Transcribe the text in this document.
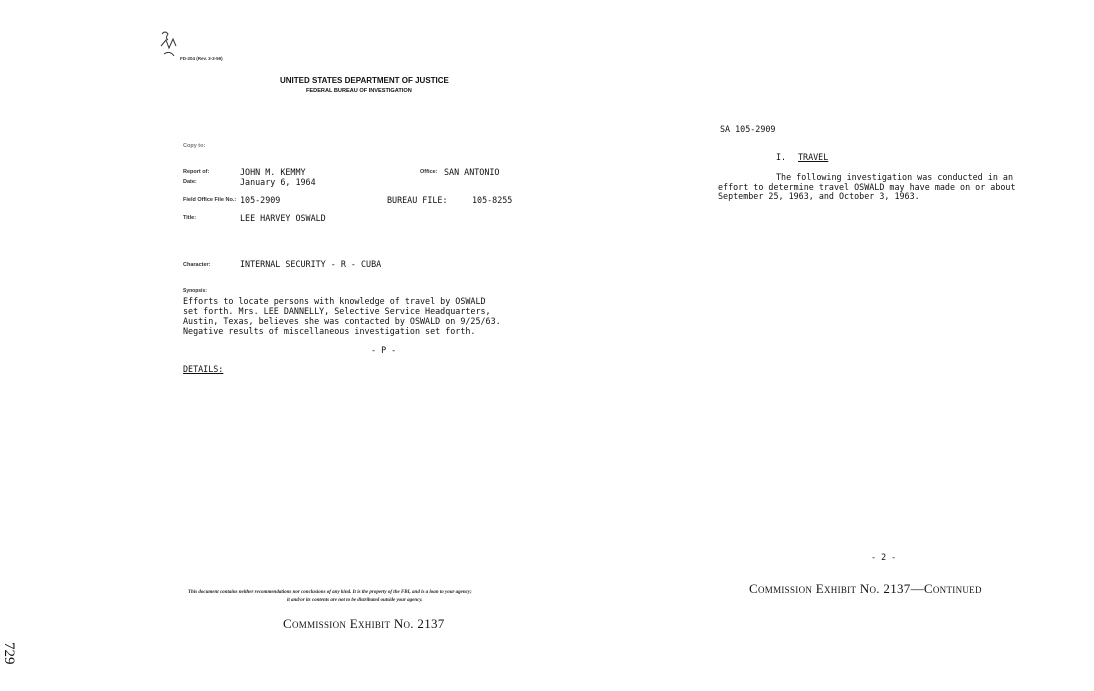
FD-204 (Rev. 3-3-59)
UNITED STATES DEPARTMENT OF JUSTICE
FEDERAL BUREAU OF INVESTIGATION
Copy to:
Report of:	JOHN M. KEMMY	Office: SAN ANTONIO
Date:	January 6, 1964
Field Office File No.: 105-2909	BUREAU FILE:	105-8255
Title:	LEE HARVEY OSWALD
Character:	INTERNAL SECURITY - R - CUBA
Synopsis:
Efforts to locate persons with knowledge of travel by OSWALD
set forth. Mrs. LEE DANNELLY, Selective Service Headquarters,
Austin, Texas, believes she was contacted by OSWALD on 9/25/63.
Negative results of miscellaneous investigation set forth.
- P -
DETAILS:
This document contains neither recommendations nor conclusions of any kind. It is the property of the FBI, and is a loan to your agency;
it and/or its contents are not to be distributed outside your agency.
Commission Exhibit No. 2137
729
SA 105-2909
I. TRAVEL
The following investigation was conducted in an
effort to determine travel OSWALD may have made on or about
September 25, 1963, and October 3, 1963.
- 2 -
Commission Exhibit No. 2137—Continued
